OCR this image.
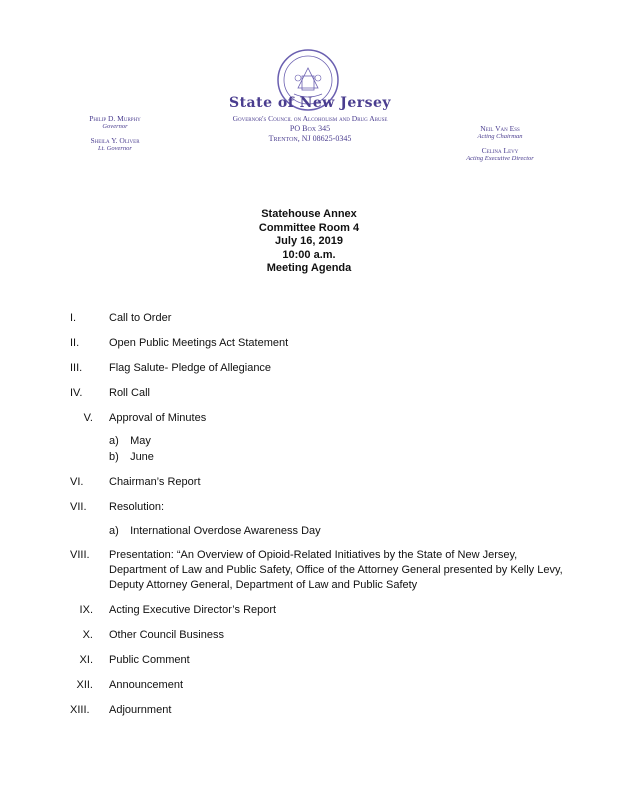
State of New Jersey
Governor's Council on Alcoholism and Drug Abuse
PO Box 345
Trenton, NJ 08625-0345
Philip D. Murphy
Governor
Sheila Y. Oliver
Lt. Governor
Neil Van Ess
Acting Chairman
Celina Levy
Acting Executive Director
Statehouse Annex
Committee Room 4
July 16, 2019
10:00 a.m.
Meeting Agenda
I.	Call to Order
II.	Open Public Meetings Act Statement
III.	Flag Salute- Pledge of Allegiance
IV.	Roll Call
V. Approval of Minutes
a) May
b) June
VI.	Chairman’s Report
VII.	Resolution:
a) International Overdose Awareness Day
VIII.	Presentation: “An Overview of Opioid-Related Initiatives by the State of New Jersey, Department of Law and Public Safety, Office of the Attorney General presented by Kelly Levy, Deputy Attorney General, Department of Law and Public Safety
IX. Acting Executive Director’s Report
X. Other Council Business
XI. Public Comment
XII. Announcement
XIII.	Adjournment
